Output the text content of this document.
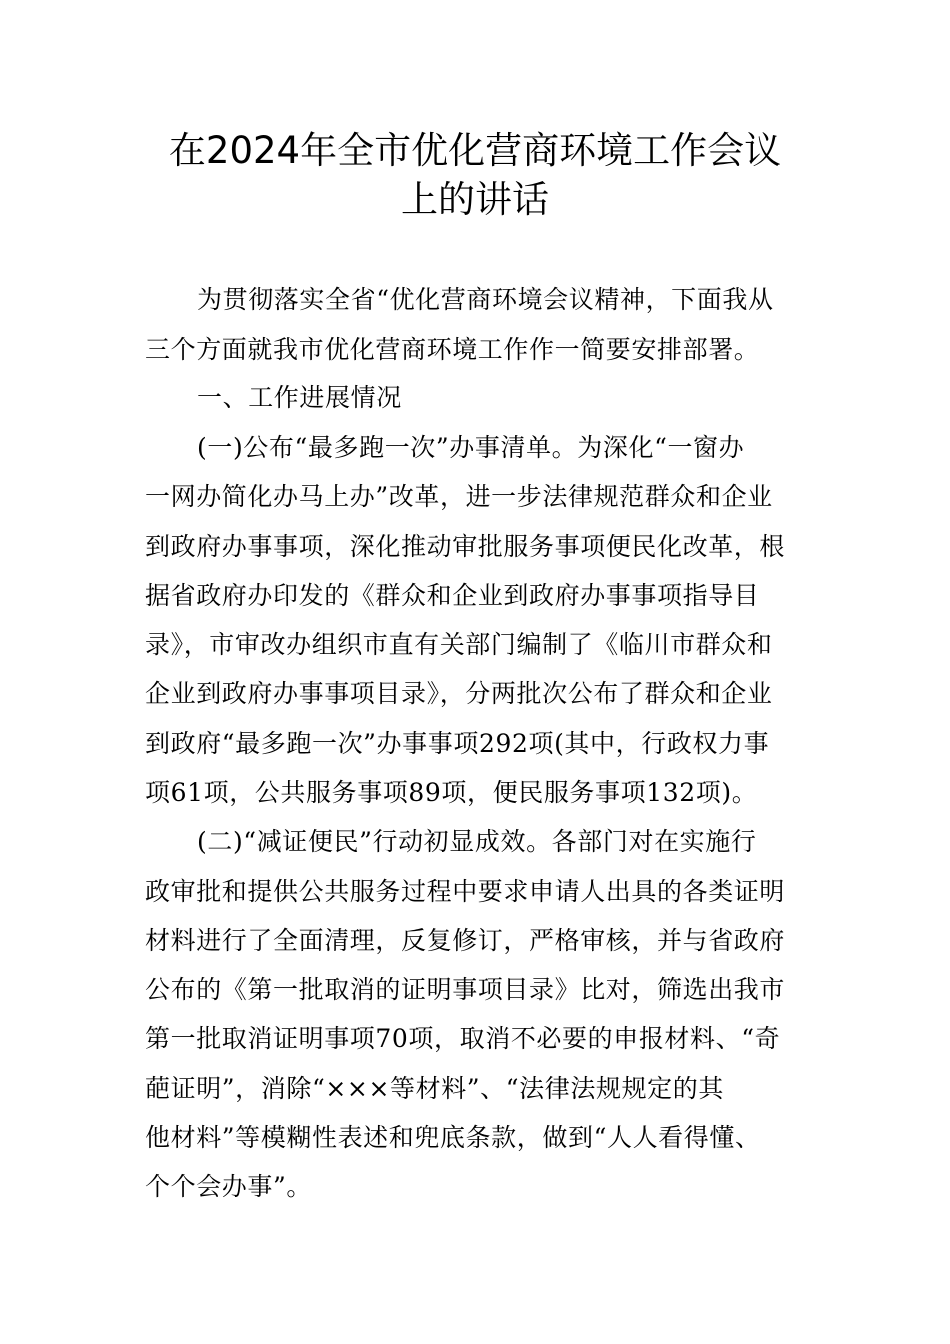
在2024年全市优化营商环境工作会议
上的讲话
为贯彻落实全省“优化营商环境会议精神，下面我从
三个方面就我市优化营商环境工作作一简要安排部署。
一、工作进展情况
(一)公布“最多跑一次”办事清单。为深化“一窗办
一网办简化办马上办”改革，进一步法律规范群众和企业
到政府办事事项，深化推动审批服务事项便民化改革，根
据省政府办印发的《群众和企业到政府办事事项指导目
录》，市审改办组织市直有关部门编制了《临川市群众和
企业到政府办事事项目录》，分两批次公布了群众和企业
到政府“最多跑一次”办事事项292项(其中，行政权力事
项61项，公共服务事项89项，便民服务事项132项)。
(二)“减证便民”行动初显成效。各部门对在实施行
政审批和提供公共服务过程中要求申请人出具的各类证明
材料进行了全面清理，反复修订，严格审核，并与省政府
公布的《第一批取消的证明事项目录》比对，筛选出我市
第一批取消证明事项70项，取消不必要的申报材料、“奇
葩证明”，消除“×××等材料”、“法律法规规定的其
他材料”等模糊性表述和兜底条款，做到“人人看得懂、
个个会办事”。
